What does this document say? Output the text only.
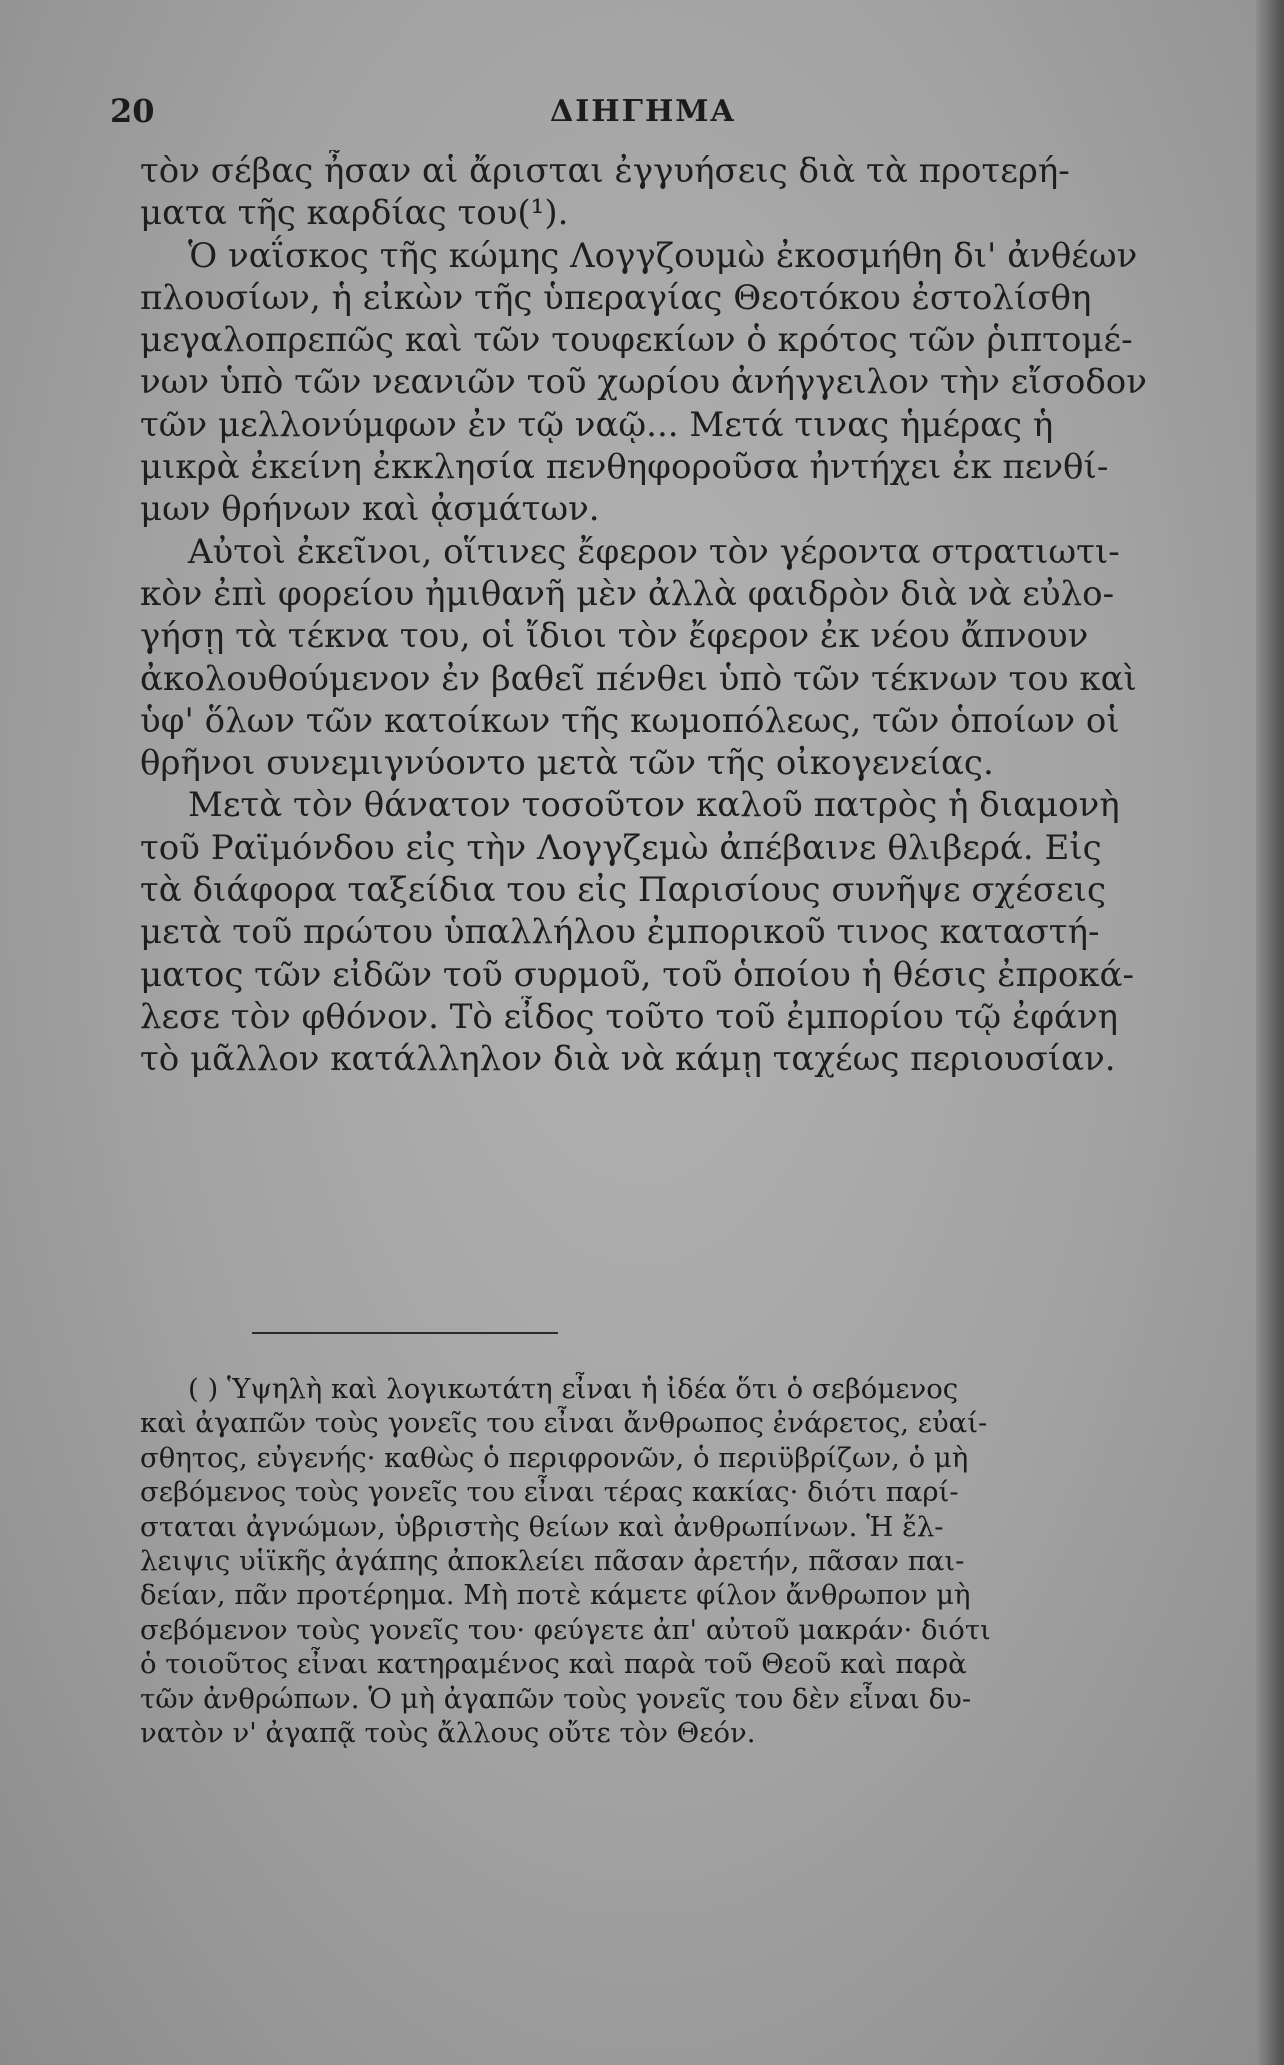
20	ΔΙΗΓΗΜΑ
τὸν σέβας ἦσαν αἱ ἄρισται ἐγγυήσεις διὰ τὰ προτερή-
ματα τῆς καρδίας του(¹).
Ὁ ναΐσκος τῆς κώμης Λογγζουμὼ ἐκοσμήθη δι' ἀνθέων
πλουσίων, ἡ εἰκὼν τῆς ὑπεραγίας Θεοτόκου ἐστολίσθη
μεγαλοπρεπῶς καὶ τῶν τουφεκίων ὁ κρότος τῶν ῥιπτομέ-
νων ὑπὸ τῶν νεανιῶν τοῦ χωρίου ἀνήγγειλον τὴν εἴσοδον
τῶν μελλονύμφων ἐν τῷ ναῷ... Μετά τινας ἡμέρας ἡ
μικρὰ ἐκείνη ἐκκλησία πενθηφοροῦσα ἠντήχει ἐκ πενθί-
μων θρήνων καὶ ᾀσμάτων.
Αὐτοὶ ἐκεῖνοι, οἵτινες ἔφερον τὸν γέροντα στρατιωτι-
κὸν ἐπὶ φορείου ἠμιθανῆ μὲν ἀλλὰ φαιδρὸν διὰ νὰ εὐλο-
γήσῃ τὰ τέκνα του, οἱ ἴδιοι τὸν ἔφερον ἐκ νέου ἄπνουν
ἀκολουθούμενον ἐν βαθεῖ πένθει ὑπὸ τῶν τέκνων του καὶ
ὑφ' ὅλων τῶν κατοίκων τῆς κωμοπόλεως, τῶν ὁποίων οἱ
θρῆνοι συνεμιγνύοντο μετὰ τῶν τῆς οἰκογενείας.
Μετὰ τὸν θάνατον τοσοῦτον καλοῦ πατρὸς ἡ διαμονὴ
τοῦ Ραϊμόνδου εἰς τὴν Λογγζεμὼ ἀπέβαινε θλιβερά. Εἰς
τὰ διάφορα ταξείδια του εἰς Παρισίους συνῆψε σχέσεις
μετὰ τοῦ πρώτου ὑπαλλήλου ἐμπορικοῦ τινος καταστή-
ματος τῶν εἰδῶν τοῦ συρμοῦ, τοῦ ὁποίου ἡ θέσις ἐπροκά-
λεσε τὸν φθόνον. Τὸ εἶδος τοῦτο τοῦ ἐμπορίου τῷ ἐφάνη
τὸ μᾶλλον κατάλληλον διὰ νὰ κάμῃ ταχέως περιουσίαν.
( ) Ὑψηλὴ καὶ λογικωτάτη εἶναι ἡ ἰδέα ὅτι ὁ σεβόμενος
καὶ ἀγαπῶν τοὺς γονεῖς του εἶναι ἄνθρωπος ἐνάρετος, εὐαί-
σθητος, εὐγενής· καθὼς ὁ περιφρονῶν, ὁ περιϋβρίζων, ὁ μὴ
σεβόμενος τοὺς γονεῖς του εἶναι τέρας κακίας· διότι παρί-
σταται ἀγνώμων, ὑβριστὴς θείων καὶ ἀνθρωπίνων. Ἡ ἔλ-
λειψις υἱϊκῆς ἀγάπης ἀποκλείει πᾶσαν ἀρετήν, πᾶσαν παι-
δείαν, πᾶν προτέρημα. Μὴ ποτὲ κάμετε φίλον ἄνθρωπον μὴ
σεβόμενον τοὺς γονεῖς του· φεύγετε ἀπ' αὐτοῦ μακράν· διότι
ὁ τοιοῦτος εἶναι κατηραμένος καὶ παρὰ τοῦ Θεοῦ καὶ παρὰ
τῶν ἀνθρώπων. Ὁ μὴ ἀγαπῶν τοὺς γονεῖς του δὲν εἶναι δυ-
νατὸν ν' ἀγαπᾷ τοὺς ἄλλους οὔτε τὸν Θεόν.
